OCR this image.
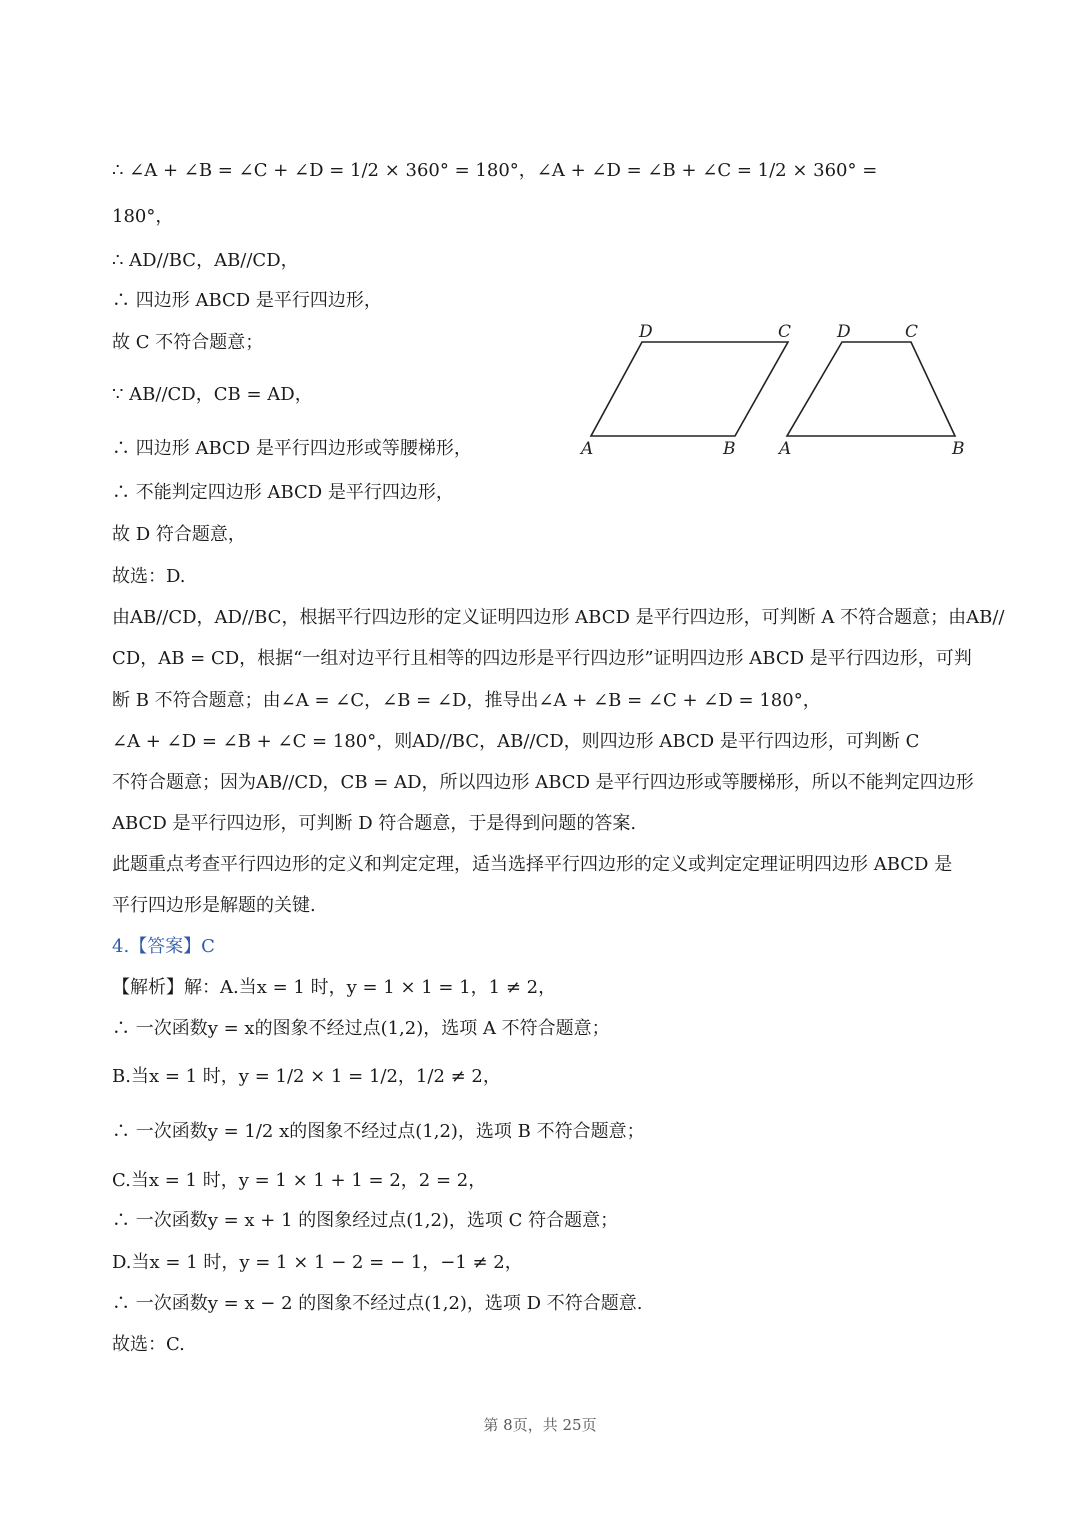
∴ ∠A + ∠B = ∠C + ∠D = 1/2 × 360° = 180°，∠A + ∠D = ∠B + ∠C = 1/2 × 360° =
180°，
∴ AD//BC，AB//CD，
∴ 四边形 ABCD 是平行四边形，
故 C 不符合题意；
∵ AB//CD，CB = AD，
∴ 四边形 ABCD 是平行四边形或等腰梯形，
∴ 不能判定四边形 ABCD 是平行四边形，
故 D 符合题意，
故选：D.
由AB//CD，AD//BC，根据平行四边形的定义证明四边形 ABCD 是平行四边形，可判断 A 不符合题意；由AB//
CD，AB = CD，根据“一组对边平行且相等的四边形是平行四边形”证明四边形 ABCD 是平行四边形，可判
断 B 不符合题意；由∠A = ∠C，∠B = ∠D，推导出∠A + ∠B = ∠C + ∠D = 180°，
∠A + ∠D = ∠B + ∠C = 180°，则AD//BC，AB//CD，则四边形 ABCD 是平行四边形，可判断 C
不符合题意；因为AB//CD，CB = AD，所以四边形 ABCD 是平行四边形或等腰梯形，所以不能判定四边形
ABCD 是平行四边形，可判断 D 符合题意，于是得到问题的答案.
此题重点考查平行四边形的定义和判定定理，适当选择平行四边形的定义或判定定理证明四边形 ABCD 是
平行四边形是解题的关键.
4.【答案】C
【解析】解：A.当x = 1 时，y = 1 × 1 = 1，1 ≠ 2，
∴ 一次函数y = x的图象不经过点(1,2)，选项 A 不符合题意；
B.当x = 1 时，y = 1/2 × 1 = 1/2，1/2 ≠ 2，
∴ 一次函数y = 1/2 x的图象不经过点(1,2)，选项 B 不符合题意；
C.当x = 1 时，y = 1 × 1 + 1 = 2，2 = 2，
∴ 一次函数y = x + 1 的图象经过点(1,2)，选项 C 符合题意；
D.当x = 1 时，y = 1 × 1 − 2 = − 1，−1 ≠ 2，
∴ 一次函数y = x − 2 的图象不经过点(1,2)，选项 D 不符合题意.
故选：C.
D	C
A	B
D	C
A	B
第 8页，共 25页
